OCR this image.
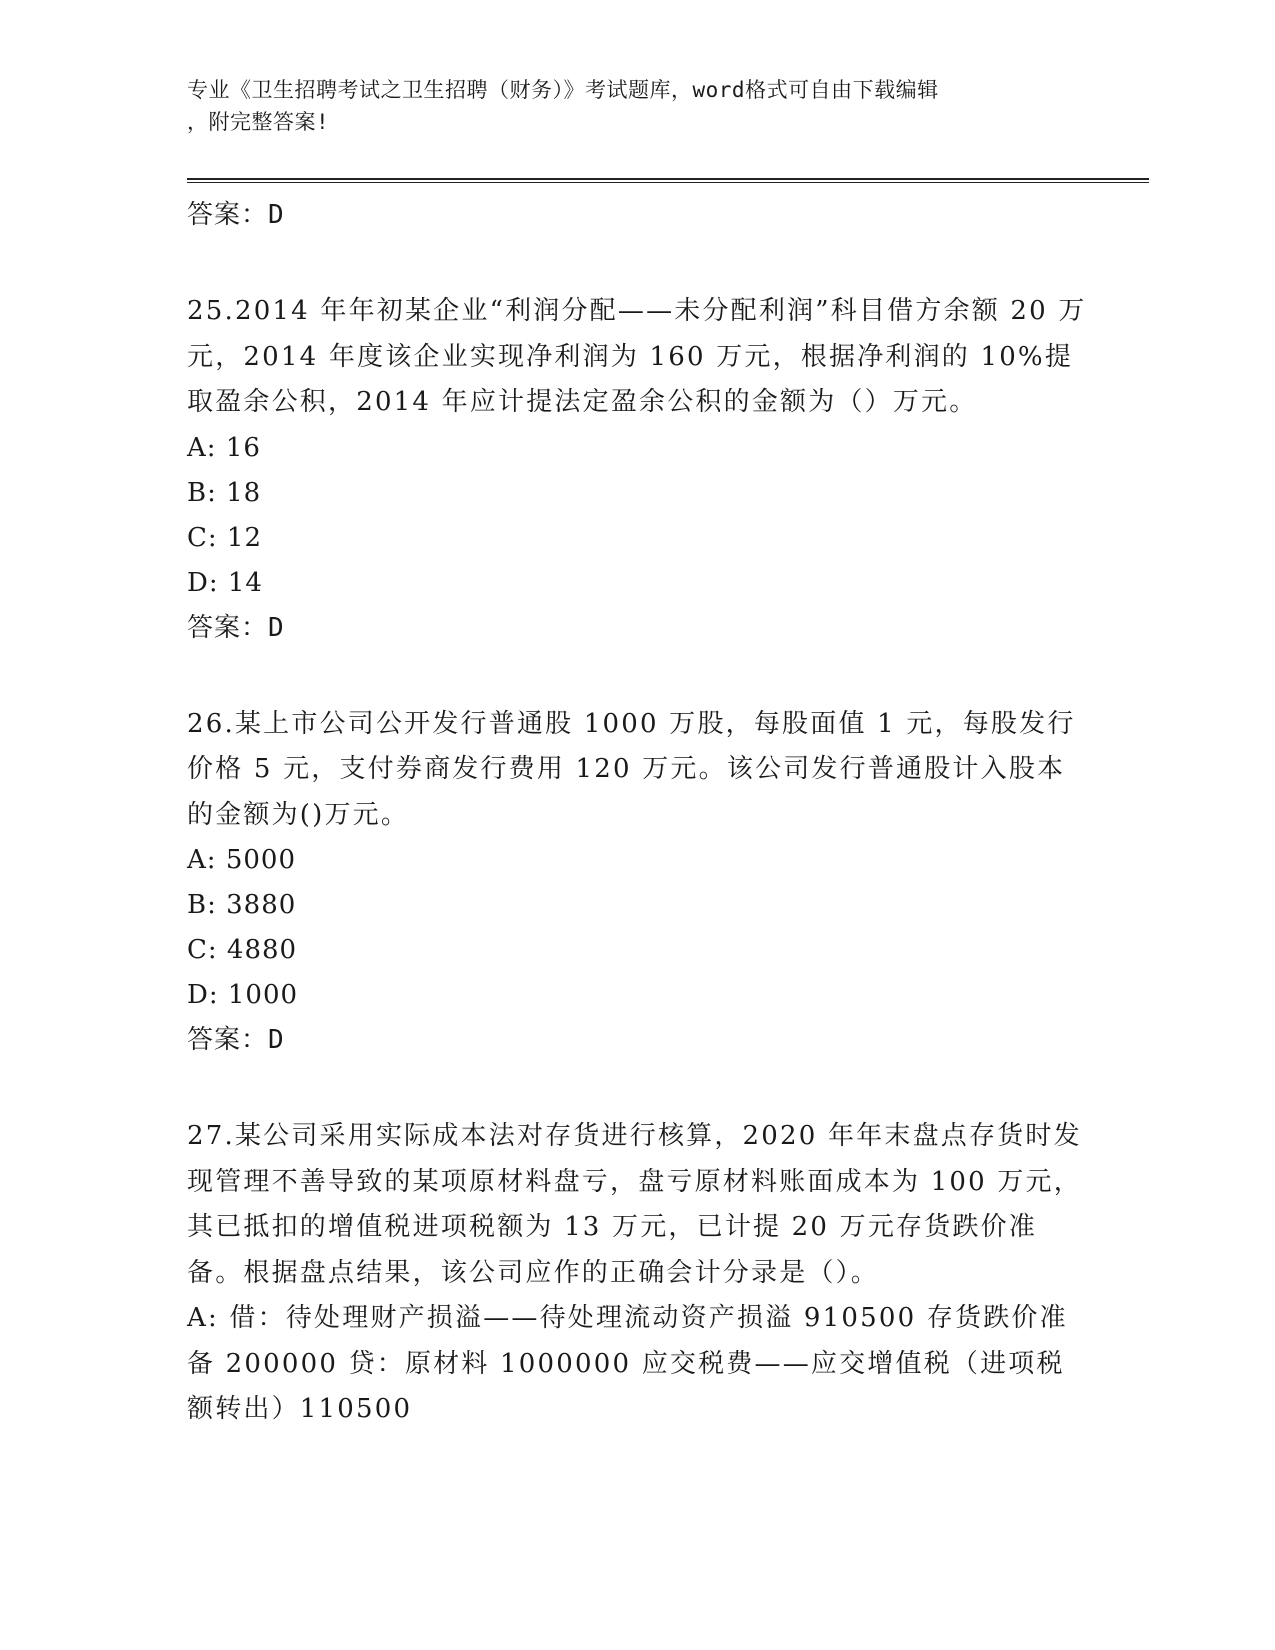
专业《卫生招聘考试之卫生招聘（财务）》考试题库，word格式可自由下载编辑
，附完整答案!
答案：D
25.2014 年年初某企业“利润分配——未分配利润”科目借方余额 20 万元，2014 年度该企业实现净利润为 160 万元，根据净利润的 10%提取盈余公积，2014 年应计提法定盈余公积的金额为（）万元。
A: 16
B: 18
C: 12
D: 14
答案：D
26.某上市公司公开发行普通股 1000 万股，每股面值 1 元，每股发行价格 5 元，支付券商发行费用 120 万元。该公司发行普通股计入股本的金额为()万元。
A: 5000
B: 3880
C: 4880
D: 1000
答案：D
27.某公司采用实际成本法对存货进行核算，2020 年年末盘点存货时发现管理不善导致的某项原材料盘亏，盘亏原材料账面成本为 100 万元，其已抵扣的增值税进项税额为 13 万元，已计提 20 万元存货跌价准备。根据盘点结果，该公司应作的正确会计分录是（）。
A: 借：待处理财产损溢——待处理流动资产损溢 910500 存货跌价准备 200000 贷：原材料 1000000 应交税费——应交增值税（进项税额转出）110500
